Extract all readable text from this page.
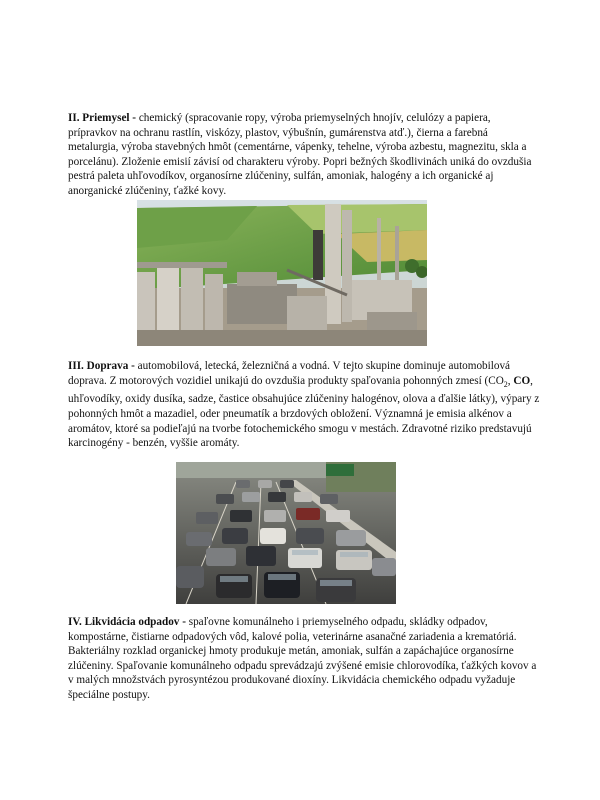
II. Priemysel - chemický (spracovanie ropy, výroba priemyselných hnojív, celulózy a papiera, prípravkov na ochranu rastlín, viskózy, plastov, výbušnín, gumárenstva atď.), čierna a farebná metalurgia, výroba stavebných hmôt (cementárne, vápenky, tehelne, výroba azbestu, magnezitu, skla a porcelánu). Zloženie emisií závisí od charakteru výroby. Popri bežných škodlivinách uniká do ovzdušia pestrá paleta uhľovodíkov, organosírne zlúčeniny, sulfán, amoniak, halogény a ich organické aj anorganické zlúčeniny, ťažké kovy.
III. Doprava - automobilová, letecká, železničná a vodná. V tejto skupine dominuje automobilová doprava. Z motorových vozidiel unikajú do ovzdušia produkty spaľovania pohonných zmesí ($CO_2$, CO, uhľovodíky, oxidy dusíka, sadze, častice obsahujúce zlúčeniny halogénov, olova a ďalšie látky), výpary z pohonných hmôt a mazadiel, oder pneumatík a brzdových obložení. Významná je emisia alkénov a aromátov, ktoré sa podieľajú na tvorbe fotochemického smogu v mestách. Zdravotné riziko predstavujú karcinogény - benzén, vyššie aromáty.
IV. Likvidácia odpadov - spaľovne komunálneho i priemyselného odpadu, skládky odpadov, kompostárne, čistiarne odpadových vôd, kalové polia, veterinárne asanačné zariadenia a krematóriá. Bakteriálny rozklad organickej hmoty produkuje metán, amoniak, sulfán a zapáchajúce organosírne zlúčeniny. Spaľovanie komunálneho odpadu sprevádzajú zvýšené emisie chlorovodíka, ťažkých kovov a v malých množstvách pyrosyntézou produkované dioxíny. Likvidácia chemického odpadu vyžaduje špeciálne postupy.
